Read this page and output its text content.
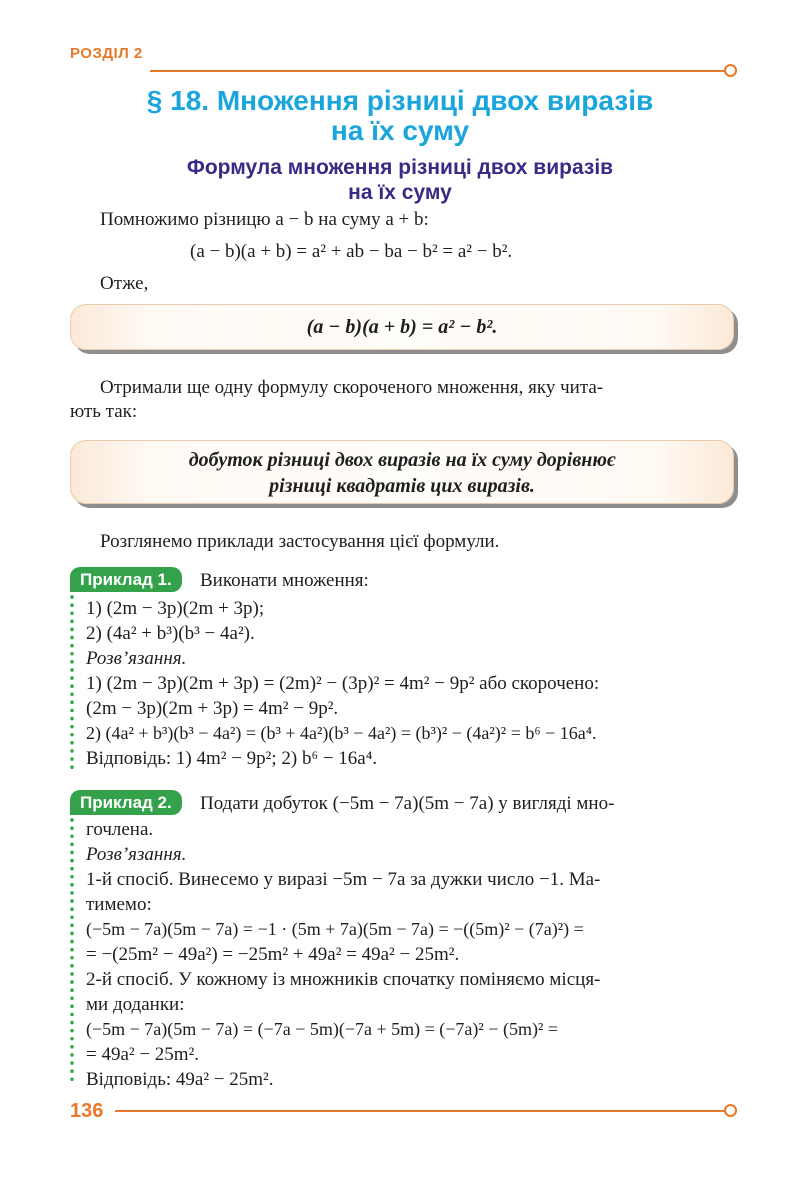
РОЗДІЛ 2
§ 18. Множення різниці двох виразів
на їх суму
Формула множення різниці двох виразів
на їх суму
Помножимо різницю a − b на суму a + b:
(a − b)(a + b) = a² + ab − ba − b² = a² − b².
Отже,
(a − b)(a + b) = a² − b².
Отримали ще одну формулу скороченого множення, яку чита-
ють так:
добуток різниці двох виразів на їх суму дорівнює
різниці квадратів цих виразів.
Розглянемо приклади застосування цієї формули.
Приклад 1.	Виконати множення:
1) (2m − 3p)(2m + 3p);
2) (4a² + b³)(b³ − 4a²).
Розв’язання.
1) (2m − 3p)(2m + 3p) = (2m)² − (3p)² = 4m² − 9p² або скорочено:
(2m − 3p)(2m + 3p) = 4m² − 9p².
2) (4a² + b³)(b³ − 4a²) = (b³ + 4a²)(b³ − 4a²) = (b³)² − (4a²)² = b⁶ − 16a⁴.
Відповідь: 1) 4m² − 9p²; 2) b⁶ − 16a⁴.
Приклад 2.	Подати добуток (−5m − 7a)(5m − 7a) у вигляді мно-
гочлена.
Розв’язання.
1-й спосіб. Винесемо у виразі −5m − 7a за дужки число −1. Ма-
тимемо:
(−5m − 7a)(5m − 7a) = −1 · (5m + 7a)(5m − 7a) = −((5m)² − (7a)²) =
= −(25m² − 49a²) = −25m² + 49a² = 49a² − 25m².
2-й спосіб. У кожному із множників спочатку поміняємо місця-
ми доданки:
(−5m − 7a)(5m − 7a) = (−7a − 5m)(−7a + 5m) = (−7a)² − (5m)² =
= 49a² − 25m².
Відповідь: 49a² − 25m².
136
